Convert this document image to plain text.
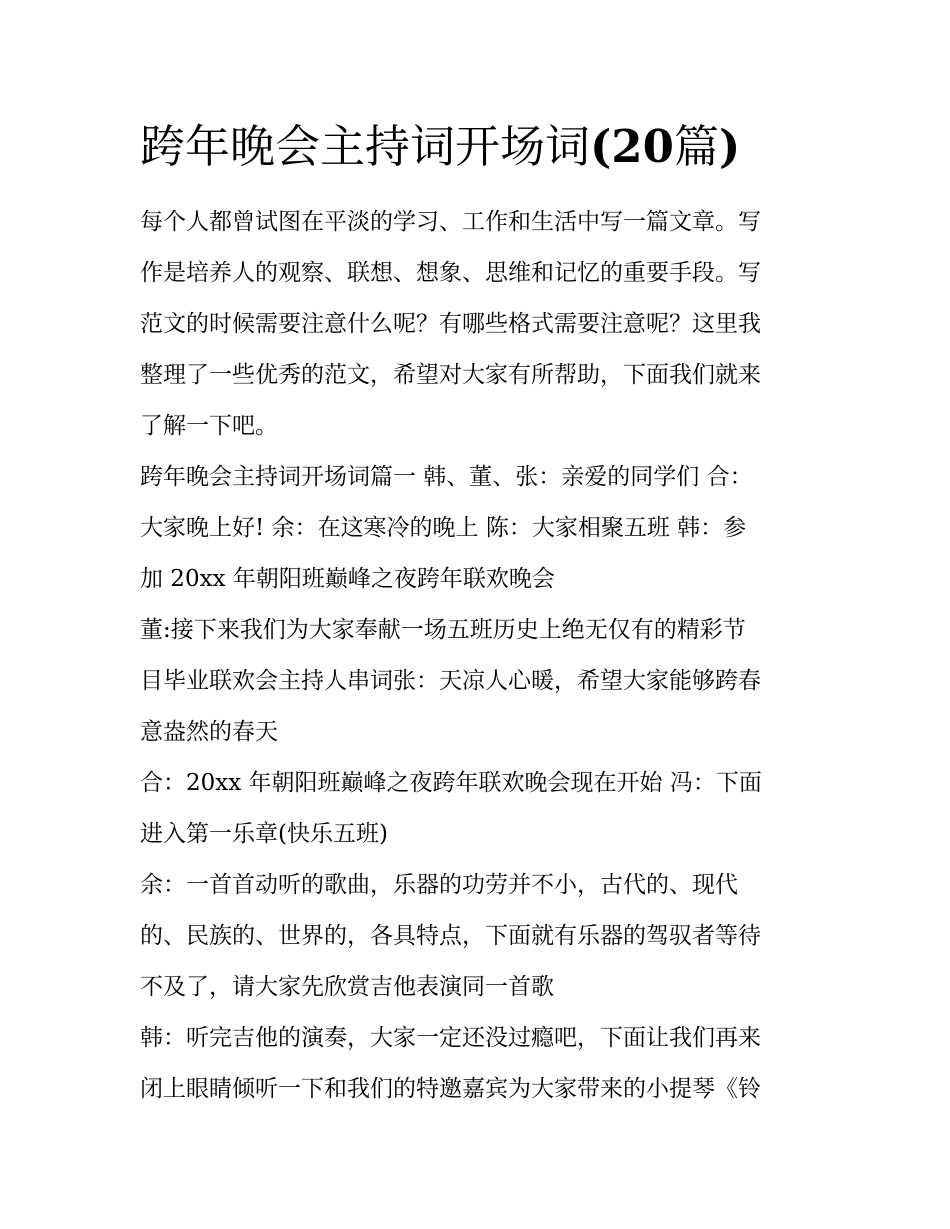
跨年晚会主持词开场词(20篇)
每个人都曾试图在平淡的学习、工作和生活中写一篇文章。写
作是培养人的观察、联想、想象、思维和记忆的重要手段。写
范文的时候需要注意什么呢？有哪些格式需要注意呢？这里我
整理了一些优秀的范文，希望对大家有所帮助，下面我们就来
了解一下吧。
跨年晚会主持词开场词篇一 韩、董、张：亲爱的同学们 合：
大家晚上好! 余：在这寒冷的晚上 陈：大家相聚五班 韩：参
加 20xx 年朝阳班巅峰之夜跨年联欢晚会
董:接下来我们为大家奉献一场五班历史上绝无仅有的精彩节
目毕业联欢会主持人串词张：天凉人心暖，希望大家能够跨春
意盎然的春天
合：20xx 年朝阳班巅峰之夜跨年联欢晚会现在开始 冯：下面
进入第一乐章(快乐五班)
余：一首首动听的歌曲，乐器的功劳并不小，古代的、现代
的、民族的、世界的，各具特点，下面就有乐器的驾驭者等待
不及了，请大家先欣赏吉他表演同一首歌
韩：听完吉他的演奏，大家一定还没过瘾吧，下面让我们再来
闭上眼睛倾听一下和我们的特邀嘉宾为大家带来的小提琴《铃
